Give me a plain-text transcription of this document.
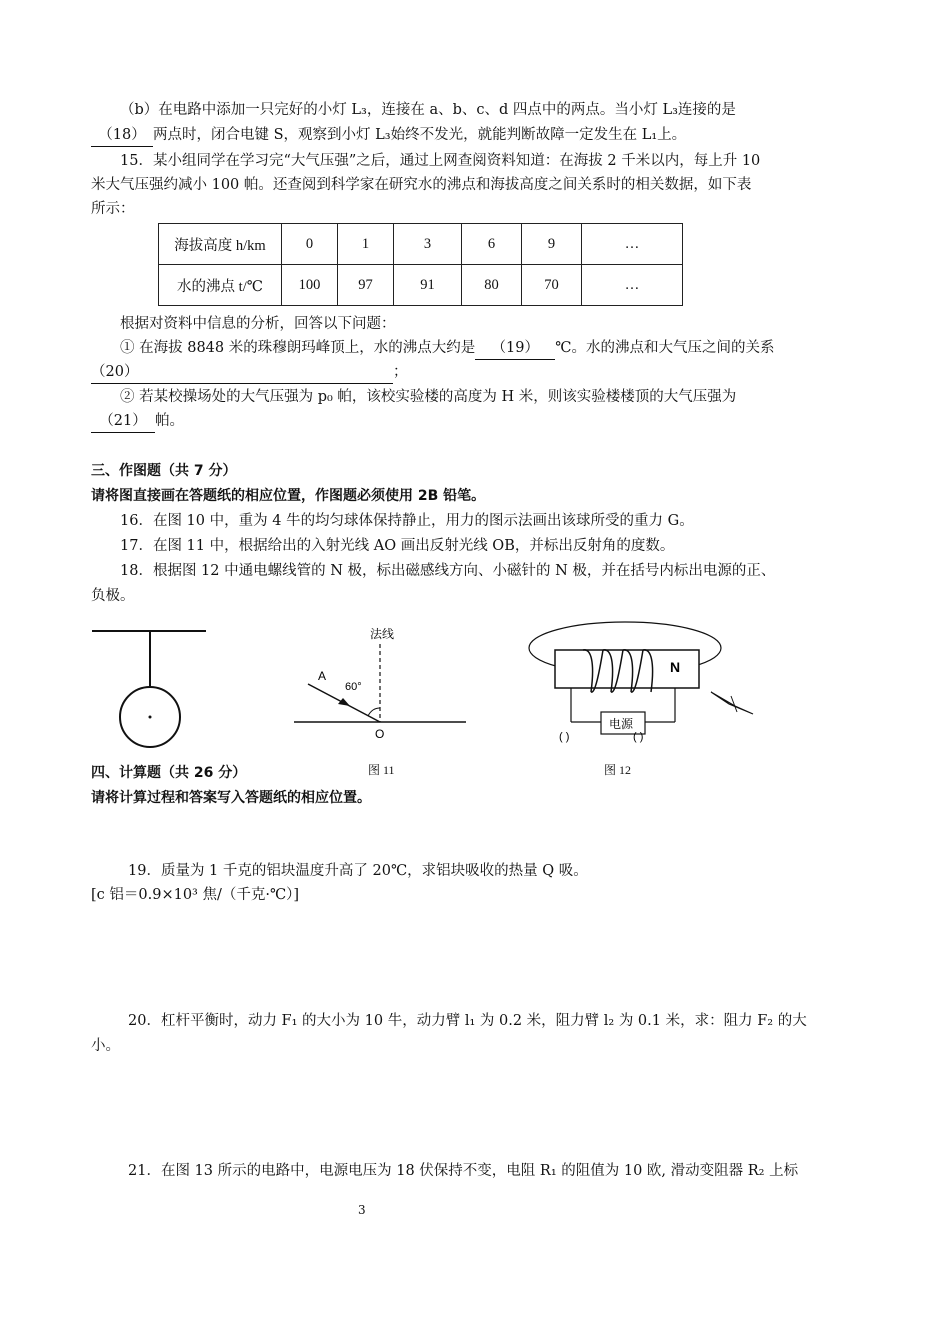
（b）在电路中添加一只完好的小灯 L₃，连接在 a、b、c、d 四点中的两点。当小灯 L₃连接的是
（18） 两点时，闭合电键 S，观察到小灯 L₃始终不发光，就能判断故障一定发生在 L₁上。
15．某小组同学在学习完“大气压强”之后，通过上网查阅资料知道：在海拔 2 千米以内，每上升 10
米大气压强约减小 100 帕。还查阅到科学家在研究水的沸点和海拔高度之间关系时的相关数据，如下表
所示：
海拔高度 h/km	0	1	3	6	9	…
水的沸点 t/℃	100	97	91	80	70	…
根据对资料中信息的分析，回答以下问题：
① 在海拔 8848 米的珠穆朗玛峰顶上，水的沸点大约是 （19） ℃。水的沸点和大气压之间的关系
（20）	；
② 若某校操场处的大气压强为 p₀ 帕，该校实验楼的高度为 H 米，则该实验楼楼顶的大气压强为
（21） 帕。
三、作图题（共 7 分）
请将图直接画在答题纸的相应位置，作图题必须使用 2B 铅笔。
16．在图 10 中，重为 4 牛的均匀球体保持静止，用力的图示法画出该球所受的重力 G。
17．在图 11 中，根据给出的入射光线 AO 画出反射光线 OB，并标出反射角的度数。
18．根据图 12 中通电螺线管的 N 极，标出磁感线方向、小磁针的 N 极，并在括号内标出电源的正、
负极。
法线
A
60°
O
图 11
N
电源
( )	( )
图 12
四、计算题（共 26 分）
请将计算过程和答案写入答题纸的相应位置。
19．质量为 1 千克的铝块温度升高了 20℃，求铝块吸收的热量 Q 吸。
[c 铝＝0.9×10³ 焦/（千克·℃）]
20．杠杆平衡时，动力 F₁ 的大小为 10 牛，动力臂 l₁ 为 0.2 米，阻力臂 l₂ 为 0.1 米，求：阻力 F₂ 的大
小。
21．在图 13 所示的电路中，电源电压为 18 伏保持不变，电阻 R₁ 的阻值为 10 欧, 滑动变阻器 R₂ 上标
3
